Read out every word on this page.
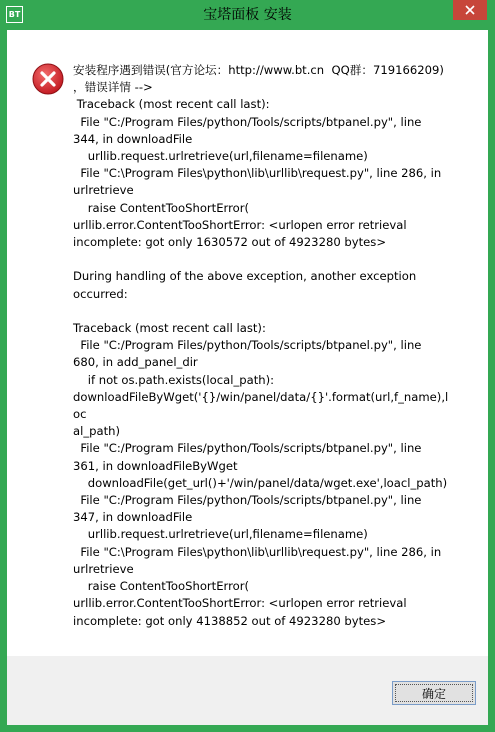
BT	宝塔面板 安装
安装程序遇到错误(官方论坛：http://www.bt.cn  QQ群：719166209)
，错误详情 -->
Traceback (most recent call last):
File "C:/Program Files/python/Tools/scripts/btpanel.py", line
344, in downloadFile
urllib.request.urlretrieve(url,filename=filename)
File "C:\Program Files\python\lib\urllib\request.py", line 286, in
urlretrieve
raise ContentTooShortError(
urllib.error.ContentTooShortError: <urlopen error retrieval
incomplete: got only 1630572 out of 4923280 bytes>

During handling of the above exception, another exception
occurred:

Traceback (most recent call last):
File "C:/Program Files/python/Tools/scripts/btpanel.py", line
680, in add_panel_dir
if not os.path.exists(local_path):
downloadFileByWget('{}/win/panel/data/{}'.format(url,f_name),loc
al_path)
File "C:/Program Files/python/Tools/scripts/btpanel.py", line
361, in downloadFileByWget
downloadFile(get_url()+'/win/panel/data/wget.exe',loacl_path)
File "C:/Program Files/python/Tools/scripts/btpanel.py", line
347, in downloadFile
urllib.request.urlretrieve(url,filename=filename)
File "C:\Program Files\python\lib\urllib\request.py", line 286, in
urlretrieve
raise ContentTooShortError(
urllib.error.ContentTooShortError: <urlopen error retrieval
incomplete: got only 4138852 out of 4923280 bytes>
确定
